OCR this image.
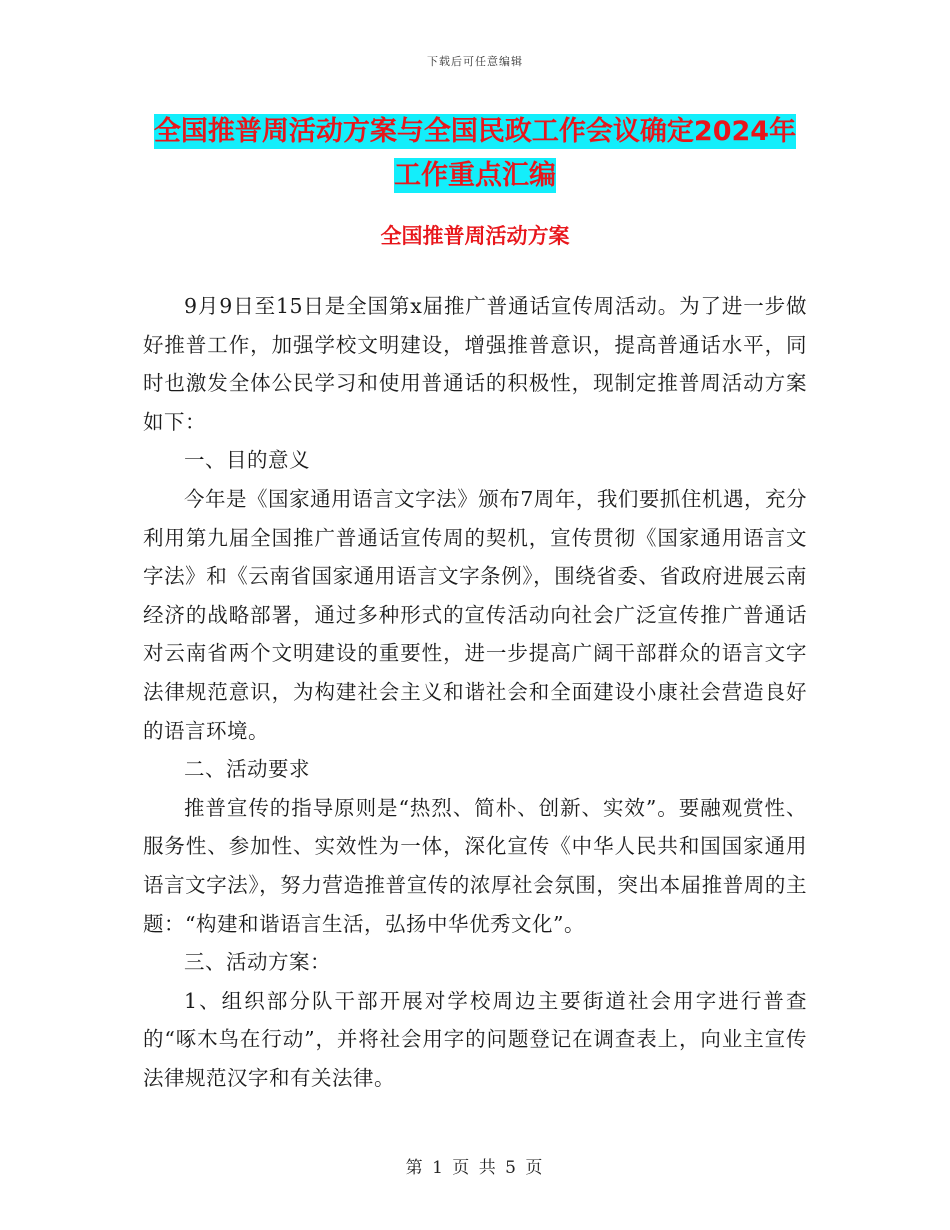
下载后可任意编辑
全国推普周活动方案与全国民政工作会议确定2024年
工作重点汇编
全国推普周活动方案

9月9日至15日是全国第x届推广普通话宣传周活动。为了进一步做好推普工作，加强学校文明建设，增强推普意识，提高普通话水平，同时也激发全体公民学习和使用普通话的积极性，现制定推普周活动方案如下：

一、目的意义

今年是《国家通用语言文字法》颁布7周年，我们要抓住机遇，充分利用第九届全国推广普通话宣传周的契机，宣传贯彻《国家通用语言文字法》和《云南省国家通用语言文字条例》，围绕省委、省政府进展云南经济的战略部署，通过多种形式的宣传活动向社会广泛宣传推广普通话对云南省两个文明建设的重要性，进一步提高广阔干部群众的语言文字法律规范意识，为构建社会主义和谐社会和全面建设小康社会营造良好的语言环境。

二、活动要求

推普宣传的指导原则是“热烈、简朴、创新、实效”。要融观赏性、服务性、参加性、实效性为一体，深化宣传《中华人民共和国国家通用语言文字法》，努力营造推普宣传的浓厚社会氛围，突出本届推普周的主题：“构建和谐语言生活，弘扬中华优秀文化”。

三、活动方案：

1、组织部分队干部开展对学校周边主要街道社会用字进行普查的“啄木鸟在行动”，并将社会用字的问题登记在调查表上，向业主宣传法律规范汉字和有关法律。

第 1 页 共 5 页
